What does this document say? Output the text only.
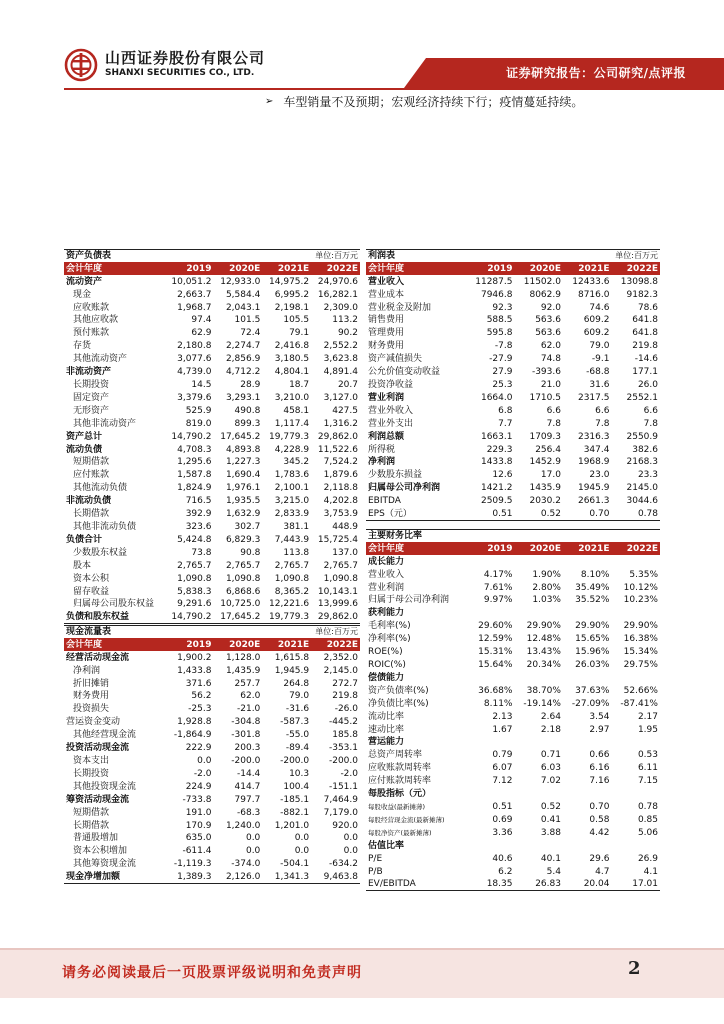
山西证券股份有限公司
SHANXI SECURITIES CO., LTD.	证券研究报告：公司研究/点评报
➢ 车型销量不及预期；宏观经济持续下行；疫情蔓延持续。
资产负债表			单位:百万元	
会计年度	2019	2020E	2021E	2022E
流动资产	10,051.2	12,933.0	14,975.2	24,970.6
现金	2,663.7	5,584.4	6,995.2	16,282.1
应收账款	1,968.7	2,043.1	2,198.1	2,309.0
其他应收款	97.4	101.5	105.5	113.2
预付账款	62.9	72.4	79.1	90.2
存货	2,180.8	2,274.7	2,416.8	2,552.2
其他流动资产	3,077.6	2,856.9	3,180.5	3,623.8
非流动资产	4,739.0	4,712.2	4,804.1	4,891.4
长期投资	14.5	28.9	18.7	20.7
固定资产	3,379.6	3,293.1	3,210.0	3,127.0
无形资产	525.9	490.8	458.1	427.5
其他非流动资产	819.0	899.3	1,117.4	1,316.2
资产总计	14,790.2	17,645.2	19,779.3	29,862.0
流动负债	4,708.3	4,893.8	4,228.9	11,522.6
短期借款	1,295.6	1,227.3	345.2	7,524.2
应付账款	1,587.8	1,690.4	1,783.6	1,879.6
其他流动负债	1,824.9	1,976.1	2,100.1	2,118.8
非流动负债	716.5	1,935.5	3,215.0	4,202.8
长期借款	392.9	1,632.9	2,833.9	3,753.9
其他非流动负债	323.6	302.7	381.1	448.9
负债合计	5,424.8	6,829.3	7,443.9	15,725.4
少数股东权益	73.8	90.8	113.8	137.0
股本	2,765.7	2,765.7	2,765.7	2,765.7
资本公积	1,090.8	1,090.8	1,090.8	1,090.8
留存收益	5,838.3	6,868.6	8,365.2	10,143.1
归属母公司股东权益	9,291.6	10,725.0	12,221.6	13,999.6
负债和股东权益	14,790.2	17,645.2	19,779.3	29,862.0
利润表			单位:百万元	
会计年度	2019	2020E	2021E	2022E
营业收入	11287.5	11502.0	12433.6	13098.8
营业成本	7946.8	8062.9	8716.0	9182.3
营业税金及附加	92.3	92.0	74.6	78.6
销售费用	588.5	563.6	609.2	641.8
管理费用	595.8	563.6	609.2	641.8
财务费用	-7.8	62.0	79.0	219.8
资产减值损失	-27.9	74.8	-9.1	-14.6
公允价值变动收益	27.9	-393.6	-68.8	177.1
投资净收益	25.3	21.0	31.6	26.0
营业利润	1664.0	1710.5	2317.5	2552.1
营业外收入	6.8	6.6	6.6	6.6
营业外支出	7.7	7.8	7.8	7.8
利润总额	1663.1	1709.3	2316.3	2550.9
所得税	229.3	256.4	347.4	382.6
净利润	1433.8	1452.9	1968.9	2168.3
少数股东损益	12.6	17.0	23.0	23.3
归属母公司净利润	1421.2	1435.9	1945.9	2145.0
EBITDA	2509.5	2030.2	2661.3	3044.6
EPS（元）	0.51	0.52	0.70	0.78
主要财务比率				
会计年度	2019	2020E	2021E	2022E
成长能力				
营业收入	4.17%	1.90%	8.10%	5.35%
营业利润	7.61%	2.80%	35.49%	10.12%
归属于母公司净利润	9.97%	1.03%	35.52%	10.23%
获利能力				
毛利率(%)	29.60%	29.90%	29.90%	29.90%
净利率(%)	12.59%	12.48%	15.65%	16.38%
ROE(%)	15.31%	13.43%	15.96%	15.34%
ROIC(%)	15.64%	20.34%	26.03%	29.75%
偿债能力				
资产负债率(%)	36.68%	38.70%	37.63%	52.66%
净负债比率(%)	8.11%	-19.14%	-27.09%	-87.41%
流动比率	2.13	2.64	3.54	2.17
速动比率	1.67	2.18	2.97	1.95
营运能力				
总资产周转率	0.79	0.71	0.66	0.53
应收账款周转率	6.07	6.03	6.16	6.11
应付账款周转率	7.12	7.02	7.16	7.15
每股指标（元）				
每股收益(最新摊薄)	0.51	0.52	0.70	0.78
每股经营现金流(最新摊薄)	0.69	0.41	0.58	0.85
每股净资产(最新摊薄)	3.36	3.88	4.42	5.06
估值比率				
P/E	40.6	40.1	29.6	26.9
P/B	6.2	5.4	4.7	4.1
EV/EBITDA	18.35	26.83	20.04	17.01
现金流量表			单位:百万元	
会计年度	2019	2020E	2021E	2022E
经营活动现金流	1,900.2	1,128.0	1,615.8	2,352.0
净利润	1,433.8	1,435.9	1,945.9	2,145.0
折旧摊销	371.6	257.7	264.8	272.7
财务费用	56.2	62.0	79.0	219.8
投资损失	-25.3	-21.0	-31.6	-26.0
营运资金变动	1,928.8	-304.8	-587.3	-445.2
其他经营现金流	-1,864.9	-301.8	-55.0	185.8
投资活动现金流	222.9	200.3	-89.4	-353.1
资本支出	0.0	-200.0	-200.0	-200.0
长期投资	-2.0	-14.4	10.3	-2.0
其他投资现金流	224.9	414.7	100.4	-151.1
筹资活动现金流	-733.8	797.7	-185.1	7,464.9
短期借款	191.0	-68.3	-882.1	7,179.0
长期借款	170.9	1,240.0	1,201.0	920.0
普通股增加	635.0	0.0	0.0	0.0
资本公积增加	-611.4	0.0	0.0	0.0
其他筹资现金流	-1,119.3	-374.0	-504.1	-634.2
现金净增加额	1,389.3	2,126.0	1,341.3	9,463.8
请务必阅读最后一页股票评级说明和免责声明	2
